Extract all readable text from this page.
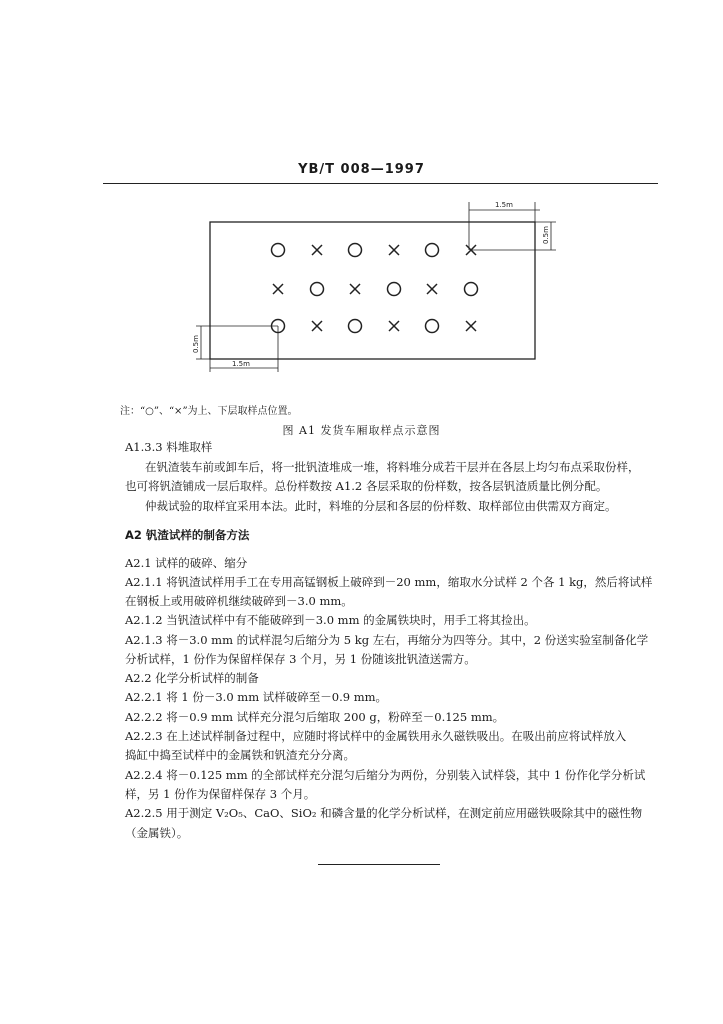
YB/T 008—1997
1.5m
0.5m
0.5m
1.5m
注：“○”、“×”为上、下层取样点位置。
图 A1 发货车厢取样点示意图
A1.3.3 料堆取样
在钒渣装车前或卸车后，将一批钒渣堆成一堆，将料堆分成若干层并在各层上均匀布点采取份样，
也可将钒渣铺成一层后取样。总份样数按 A1.2 各层采取的份样数，按各层钒渣质量比例分配。
仲裁试验的取样宜采用本法。此时，料堆的分层和各层的份样数、取样部位由供需双方商定。
A2 钒渣试样的制备方法
A2.1 试样的破碎、缩分
A2.1.1 将钒渣试样用手工在专用高锰钢板上破碎到－20 mm，缩取水分试样 2 个各 1 kg，然后将试样
在钢板上或用破碎机继续破碎到－3.0 mm。
A2.1.2 当钒渣试样中有不能破碎到－3.0 mm 的金属铁块时，用手工将其捡出。
A2.1.3 将－3.0 mm 的试样混匀后缩分为 5 kg 左右，再缩分为四等分。其中，2 份送实验室制备化学
分析试样，1 份作为保留样保存 3 个月，另 1 份随该批钒渣送需方。
A2.2 化学分析试样的制备
A2.2.1 将 1 份－3.0 mm 试样破碎至－0.9 mm。
A2.2.2 将－0.9 mm 试样充分混匀后缩取 200 g，粉碎至－0.125 mm。
A2.2.3 在上述试样制备过程中，应随时将试样中的金属铁用永久磁铁吸出。在吸出前应将试样放入
捣缸中捣至试样中的金属铁和钒渣充分分离。
A2.2.4 将－0.125 mm 的全部试样充分混匀后缩分为两份，分别装入试样袋，其中 1 份作化学分析试
样，另 1 份作为保留样保存 3 个月。
A2.2.5 用于测定 V₂O₅、CaO、SiO₂ 和磷含量的化学分析试样，在测定前应用磁铁吸除其中的磁性物
（金属铁）。
